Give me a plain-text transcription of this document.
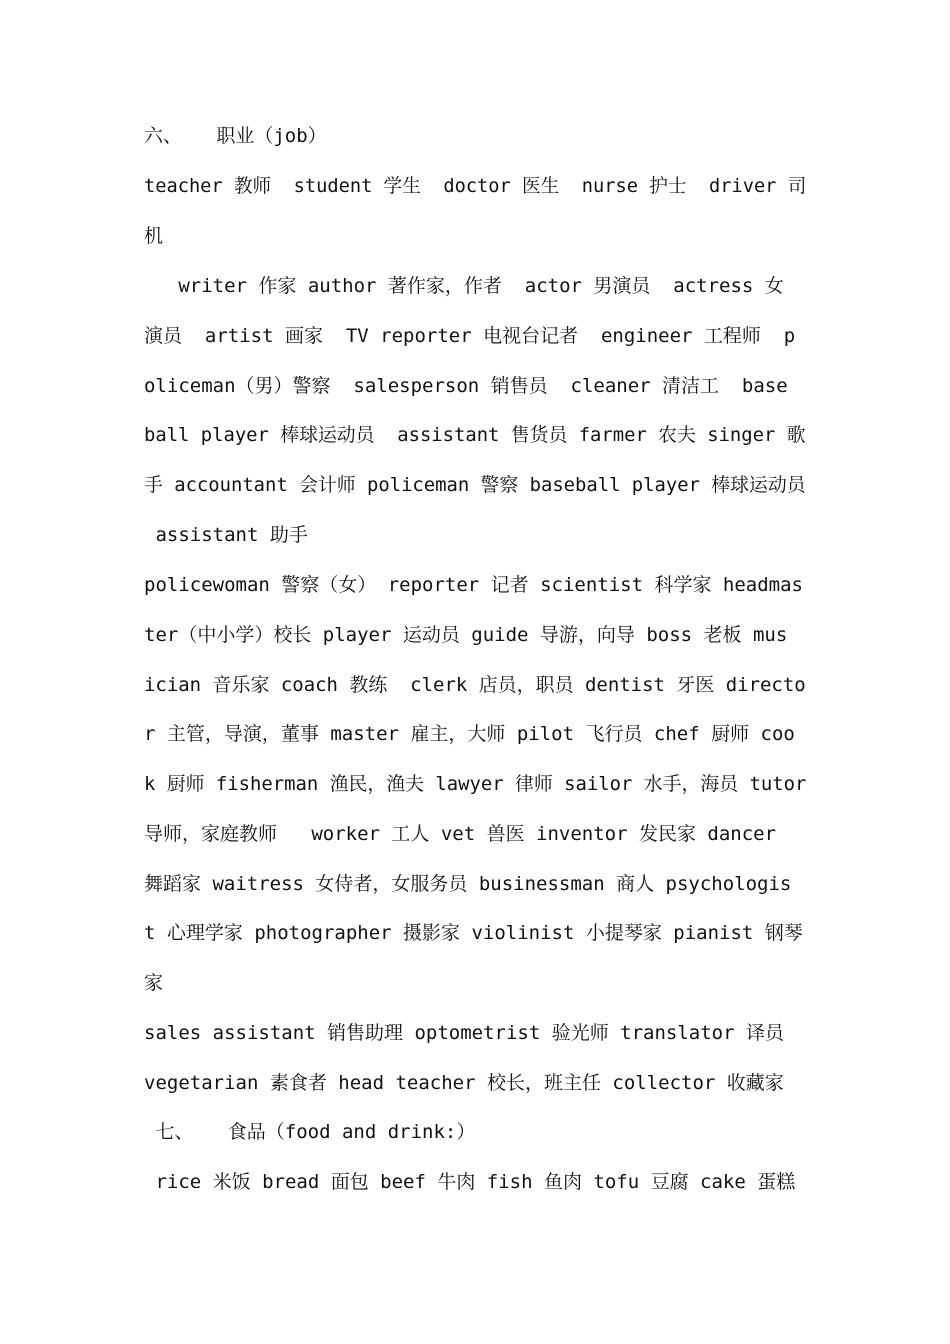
六、   职业（job）
teacher 教师  student 学生  doctor 医生  nurse 护士  driver 司
机
writer 作家 author 著作家，作者  actor 男演员  actress 女
演员  artist 画家  TV reporter 电视台记者  engineer 工程师  p
oliceman（男）警察  salesperson 销售员  cleaner 清洁工  base
ball player 棒球运动员  assistant 售货员 farmer 农夫 singer 歌
手 accountant 会计师 policeman 警察 baseball player 棒球运动员
assistant 助手
policewoman 警察（女） reporter 记者 scientist 科学家 headmas
ter（中小学）校长 player 运动员 guide 导游，向导 boss 老板 mus
ician 音乐家 coach 教练  clerk 店员，职员 dentist 牙医 directo
r 主管，导演，董事 master 雇主，大师 pilot 飞行员 chef 厨师 coo
k 厨师 fisherman 渔民，渔夫 lawyer 律师 sailor 水手，海员 tutor
导师，家庭教师   worker 工人 vet 兽医 inventor 发民家 dancer
舞蹈家 waitress 女侍者，女服务员 businessman 商人 psychologis
t 心理学家 photographer 摄影家 violinist 小提琴家 pianist 钢琴
家
sales assistant 销售助理 optometrist 验光师 translator 译员
vegetarian 素食者 head teacher 校长，班主任 collector 收藏家
七、   食品（food and drink:）
rice 米饭 bread 面包 beef 牛肉 fish 鱼肉 tofu 豆腐 cake 蛋糕
